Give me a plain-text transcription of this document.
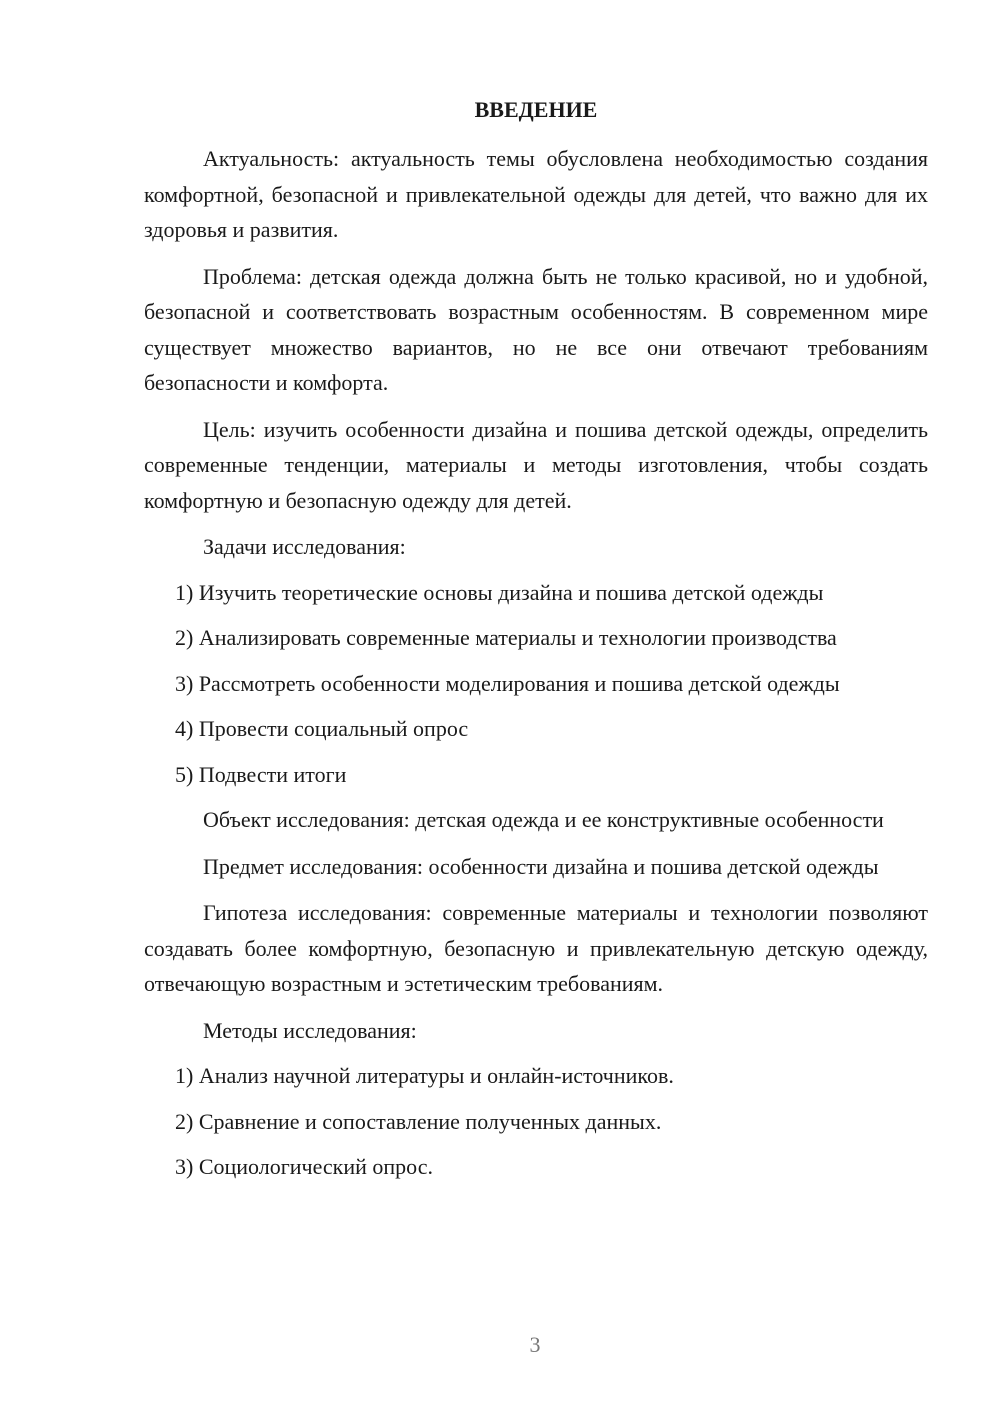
ВВЕДЕНИЕ

Актуальность: актуальность темы обусловлена необходимостью создания комфортной, безопасной и привлекательной одежды для детей, что важно для их здоровья и развития.

Проблема: детская одежда должна быть не только красивой, но и удобной, безопасной и соответствовать возрастным особенностям. В современном мире существует множество вариантов, но не все они отвечают требованиям безопасности и комфорта.

Цель: изучить особенности дизайна и пошива детской одежды, определить современные тенденции, материалы и методы изготовления, чтобы создать комфортную и безопасную одежду для детей.

Задачи исследования:

1) Изучить теоретические основы дизайна и пошива детской одежды
2) Анализировать современные материалы и технологии производства
3) Рассмотреть особенности моделирования и пошива детской одежды
4) Провести социальный опрос
5) Подвести итоги

Объект исследования: детская одежда и ее конструктивные особенности

Предмет исследования: особенности дизайна и пошива детской одежды

Гипотеза исследования: современные материалы и технологии позволяют создавать более комфортную, безопасную и привлекательную детскую одежду, отвечающую возрастным и эстетическим требованиям.

Методы исследования:

1) Анализ научной литературы и онлайн-источников.
2) Сравнение и сопоставление полученных данных.
3) Социологический опрос.
3
